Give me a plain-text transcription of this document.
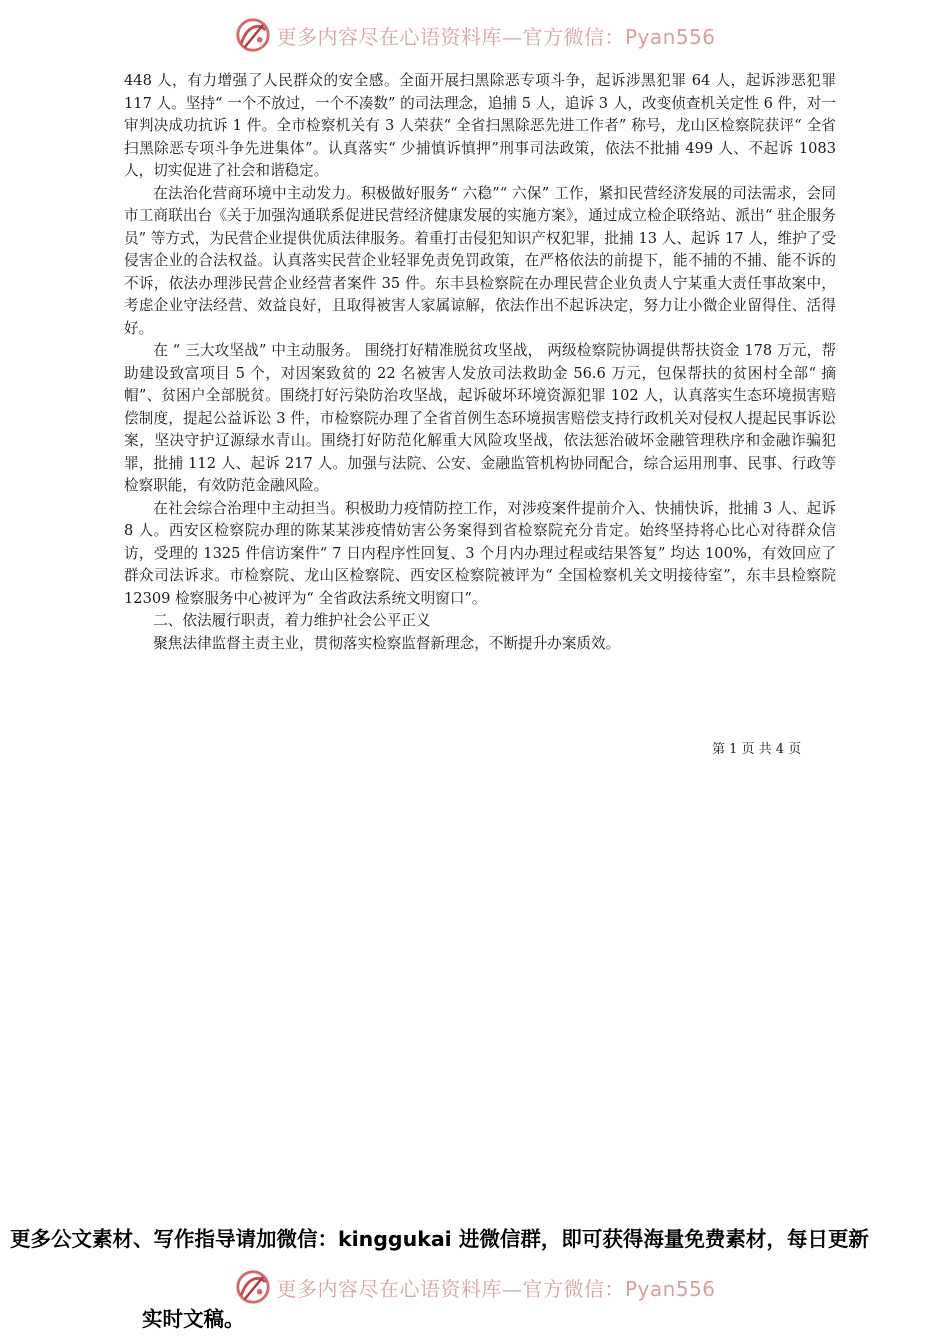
更多内容尽在心语资料库—官方微信：Pyan556

448 人，有力增强了人民群众的安全感。全面开展扫黑除恶专项斗争，起诉涉黑犯罪 64 人，起诉涉恶犯罪 117 人。坚持“ 一个不放过，一个不凑数” 的司法理念，追捕 5 人，追诉 3 人，改变侦查机关定性 6 件，对一审判决成功抗诉 1 件。全市检察机关有 3 人荣获“ 全省扫黑除恶先进工作者” 称号，龙山区检察院获评“ 全省扫黑除恶专项斗争先进集体”。认真落实“ 少捕慎诉慎押”刑事司法政策，依法不批捕 499 人、不起诉 1083 人，切实促进了社会和谐稳定。

在法治化营商环境中主动发力。积极做好服务“ 六稳”“ 六保” 工作，紧扣民营经济发展的司法需求，会同市工商联出台《关于加强沟通联系促进民营经济健康发展的实施方案》，通过成立检企联络站、派出“ 驻企服务员” 等方式，为民营企业提供优质法律服务。着重打击侵犯知识产权犯罪，批捕 13 人、起诉 17 人，维护了受侵害企业的合法权益。认真落实民营企业轻罪免责免罚政策，在严格依法的前提下，能不捕的不捕、能不诉的不诉，依法办理涉民营企业经营者案件 35 件。东丰县检察院在办理民营企业负责人宁某重大责任事故案中，考虑企业守法经营、效益良好，且取得被害人家属谅解，依法作出不起诉决定，努力让小微企业留得住、活得好。

在 “ 三大攻坚战” 中主动服务。 围绕打好精准脱贫攻坚战， 两级检察院协调提供帮扶资金 178 万元，帮助建设致富项目 5 个，对因案致贫的 22 名被害人发放司法救助金 56.6 万元，包保帮扶的贫困村全部“ 摘帽”、贫困户全部脱贫。围绕打好污染防治攻坚战，起诉破坏环境资源犯罪 102 人，认真落实生态环境损害赔偿制度，提起公益诉讼 3 件，市检察院办理了全省首例生态环境损害赔偿支持行政机关对侵权人提起民事诉讼案，坚决守护辽源绿水青山。围绕打好防范化解重大风险攻坚战，依法惩治破坏金融管理秩序和金融诈骗犯罪，批捕 112 人、起诉 217 人。加强与法院、公安、金融监管机构协同配合，综合运用刑事、民事、行政等检察职能，有效防范金融风险。

在社会综合治理中主动担当。积极助力疫情防控工作，对涉疫案件提前介入、快捕快诉，批捕 3 人、起诉 8 人。西安区检察院办理的陈某某涉疫情妨害公务案得到省检察院充分肯定。始终坚持将心比心对待群众信访，受理的 1325 件信访案件“ 7 日内程序性回复、3 个月内办理过程或结果答复” 均达 100%，有效回应了群众司法诉求。市检察院、龙山区检察院、西安区检察院被评为“ 全国检察机关文明接待室”，东丰县检察院 12309 检察服务中心被评为“ 全省政法系统文明窗口”。

二、依法履行职责，着力维护社会公平正义

聚焦法律监督主责主业，贯彻落实检察监督新理念，不断提升办案质效。

第 1 页 共 4 页
更多公文素材、写作指导请加微信：kinggukai 进微信群，即可获得海量免费素材，每日更新
实时文稿。
更多内容尽在心语资料库—官方微信：Pyan556
